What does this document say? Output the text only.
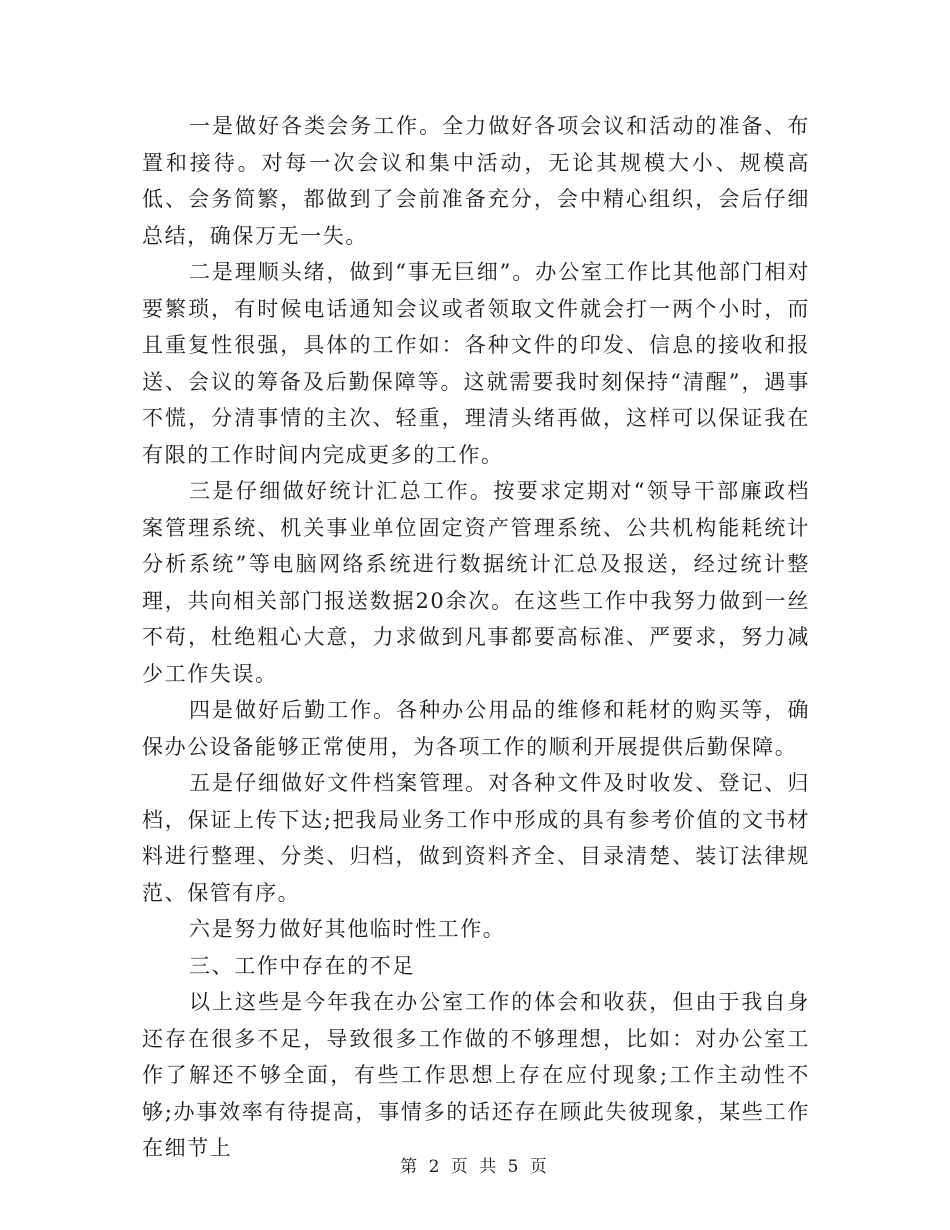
一是做好各类会务工作。全力做好各项会议和活动的准备、布置和接待。对每一次会议和集中活动，无论其规模大小、规模高低、会务简繁，都做到了会前准备充分，会中精心组织，会后仔细总结，确保万无一失。

二是理顺头绪，做到“事无巨细”。办公室工作比其他部门相对要繁琐，有时候电话通知会议或者领取文件就会打一两个小时，而且重复性很强，具体的工作如：各种文件的印发、信息的接收和报送、会议的筹备及后勤保障等。这就需要我时刻保持“清醒”，遇事不慌，分清事情的主次、轻重，理清头绪再做，这样可以保证我在有限的工作时间内完成更多的工作。

三是仔细做好统计汇总工作。按要求定期对“领导干部廉政档案管理系统、机关事业单位固定资产管理系统、公共机构能耗统计分析系统”等电脑网络系统进行数据统计汇总及报送，经过统计整理，共向相关部门报送数据20余次。在这些工作中我努力做到一丝不苟，杜绝粗心大意，力求做到凡事都要高标准、严要求，努力减少工作失误。

四是做好后勤工作。各种办公用品的维修和耗材的购买等，确保办公设备能够正常使用，为各项工作的顺利开展提供后勤保障。

五是仔细做好文件档案管理。对各种文件及时收发、登记、归档，保证上传下达;把我局业务工作中形成的具有参考价值的文书材料进行整理、分类、归档，做到资料齐全、目录清楚、装订法律规范、保管有序。

六是努力做好其他临时性工作。

三、工作中存在的不足

以上这些是今年我在办公室工作的体会和收获，但由于我自身还存在很多不足，导致很多工作做的不够理想，比如：对办公室工作了解还不够全面，有些工作思想上存在应付现象;工作主动性不够;办事效率有待提高，事情多的话还存在顾此失彼现象，某些工作在细节上

第 2 页 共 5 页
